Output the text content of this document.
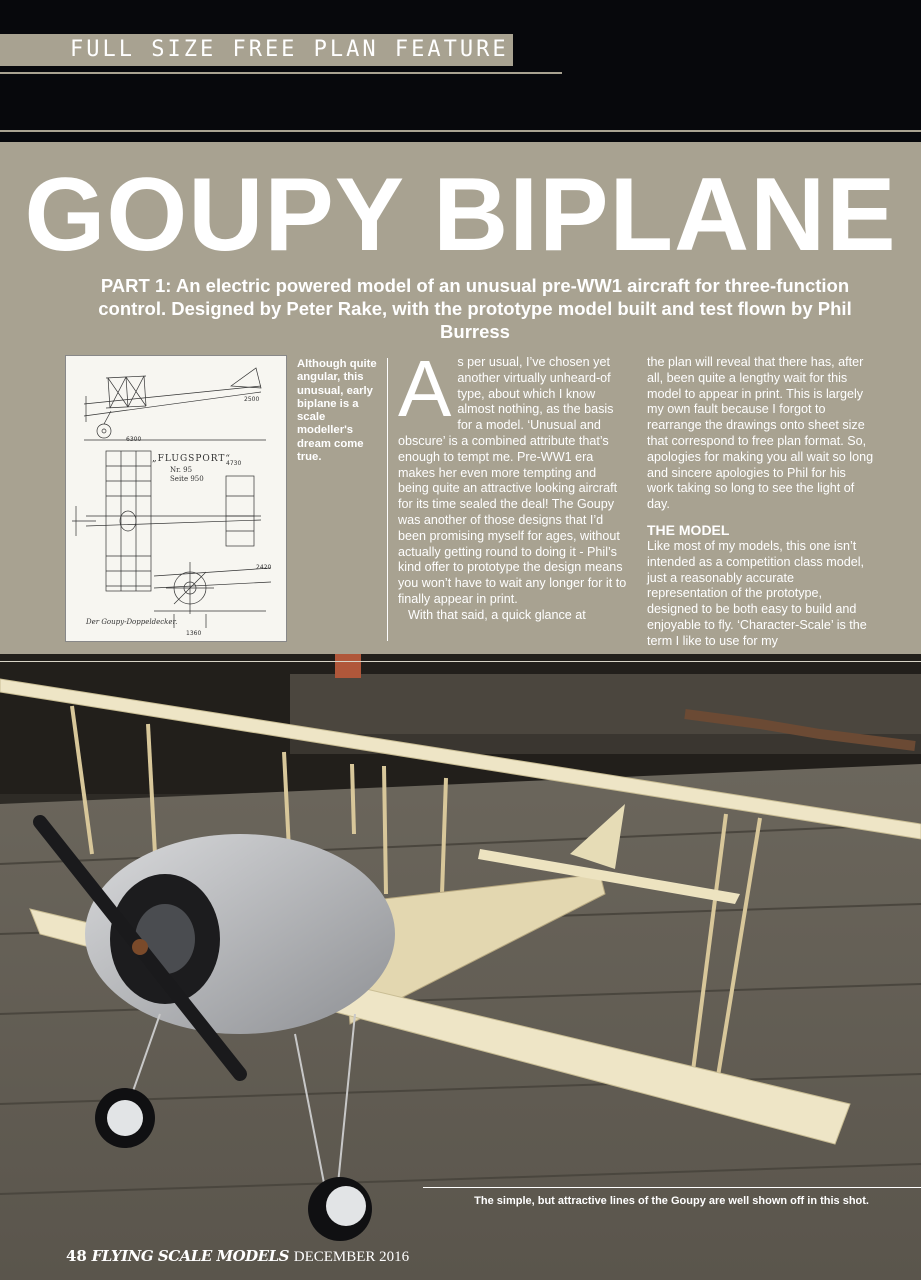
FULL SIZE FREE PLAN FEATURE
GOUPY BIPLANE

PART 1: An electric powered model of an unusual pre-WW1 aircraft for three-function control. Designed by Peter Rake, with the prototype model built and test flown by Phil Burress

„FLUGSPORT“
Nr. 95
Seite 950
6300
4730
2500
2420
1360
Der Goupy-Doppeldecker.

Although quite angular, this unusual, early biplane is a scale modeller's dream come true.

A s per usual, I’ve chosen yet another virtually unheard-of type, about which I know almost nothing, as the basis for a model. ‘Unusual and obscure’ is a combined attribute that’s enough to tempt me. Pre-WW1 era makes her even more tempting and being quite an attractive looking aircraft for its time sealed the deal! The Goupy was another of those designs that I’d been promising myself for ages, without actually getting round to doing it - Phil’s kind offer to prototype the design means you won’t have to wait any longer for it to finally appear in print.

With that said, a quick glance at

the plan will reveal that there has, after all, been quite a lengthy wait for this model to appear in print. This is largely my own fault because I forgot to rearrange the drawings onto sheet size that correspond to free plan format. So, apologies for making you all wait so long and sincere apologies to Phil for his work taking so long to see the light of day.

THE MODEL

Like most of my models, this one isn’t intended as a competition class model, just a reasonably accurate representation of the prototype, designed to be both easy to build and enjoyable to fly. ‘Character-Scale’ is the term I like to use for my

The simple, but attractive lines of the Goupy are well shown off in this shot.
48 FLYING SCALE MODELS DECEMBER 2016
